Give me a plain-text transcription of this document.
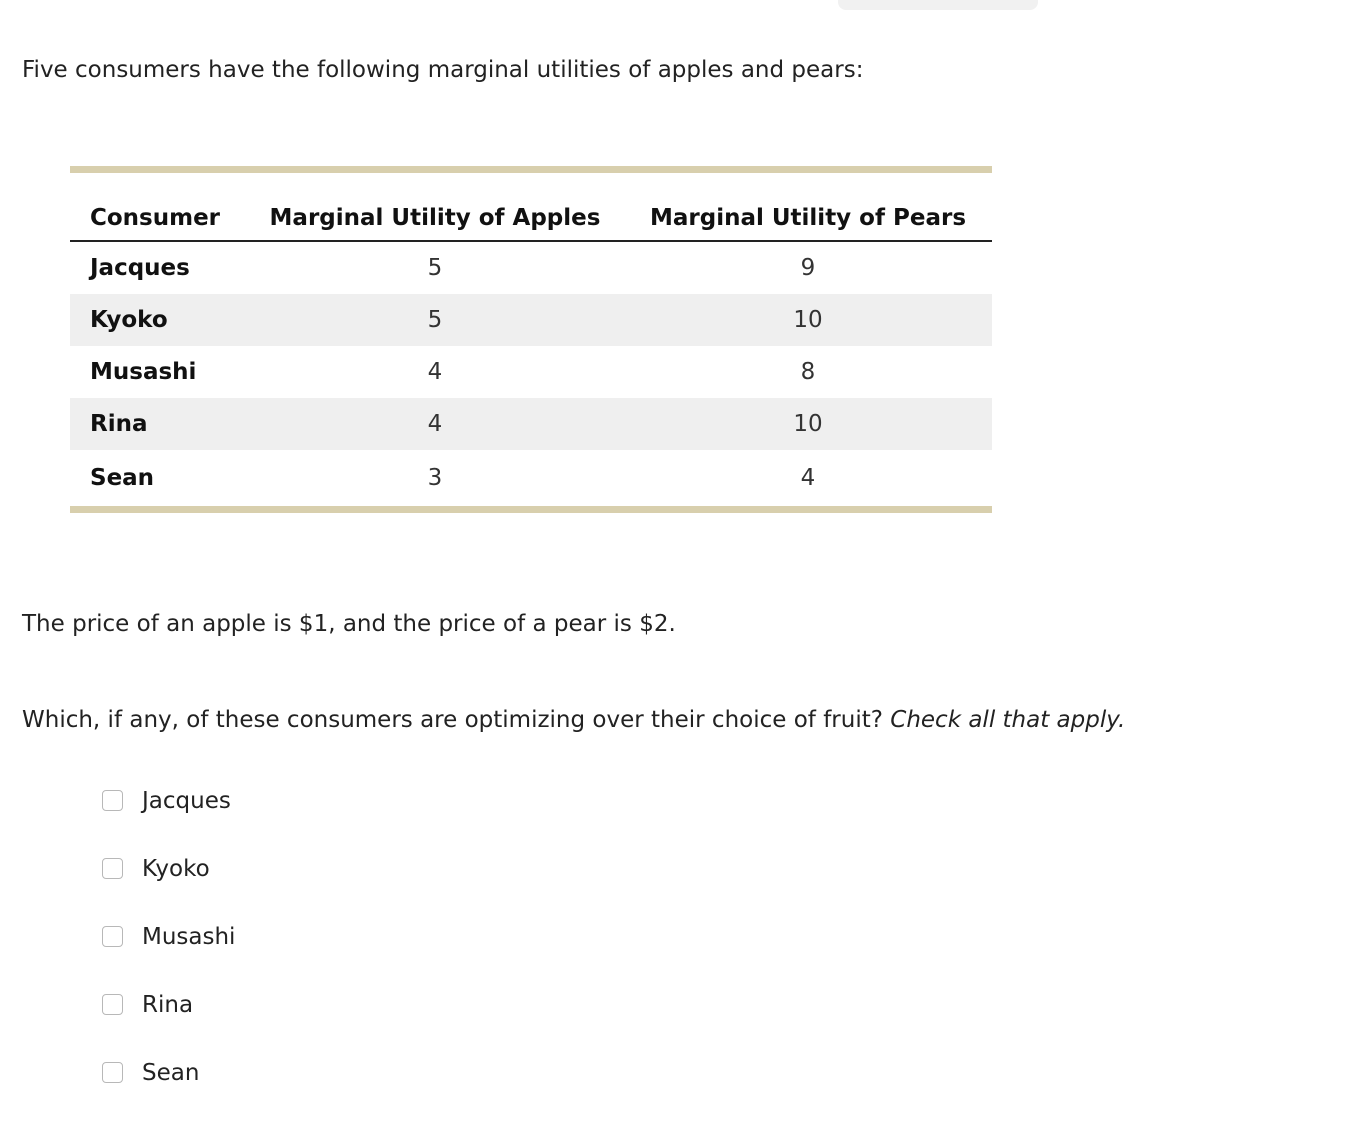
Five consumers have the following marginal utilities of apples and pears:
Consumer	Marginal Utility of Apples	Marginal Utility of Pears
Jacques	5	9
Kyoko	5	10
Musashi	4	8
Rina	4	10
Sean	3	4
The price of an apple is $1, and the price of a pear is $2.
Which, if any, of these consumers are optimizing over their choice of fruit? Check all that apply.
Jacques
Kyoko
Musashi
Rina
Sean
